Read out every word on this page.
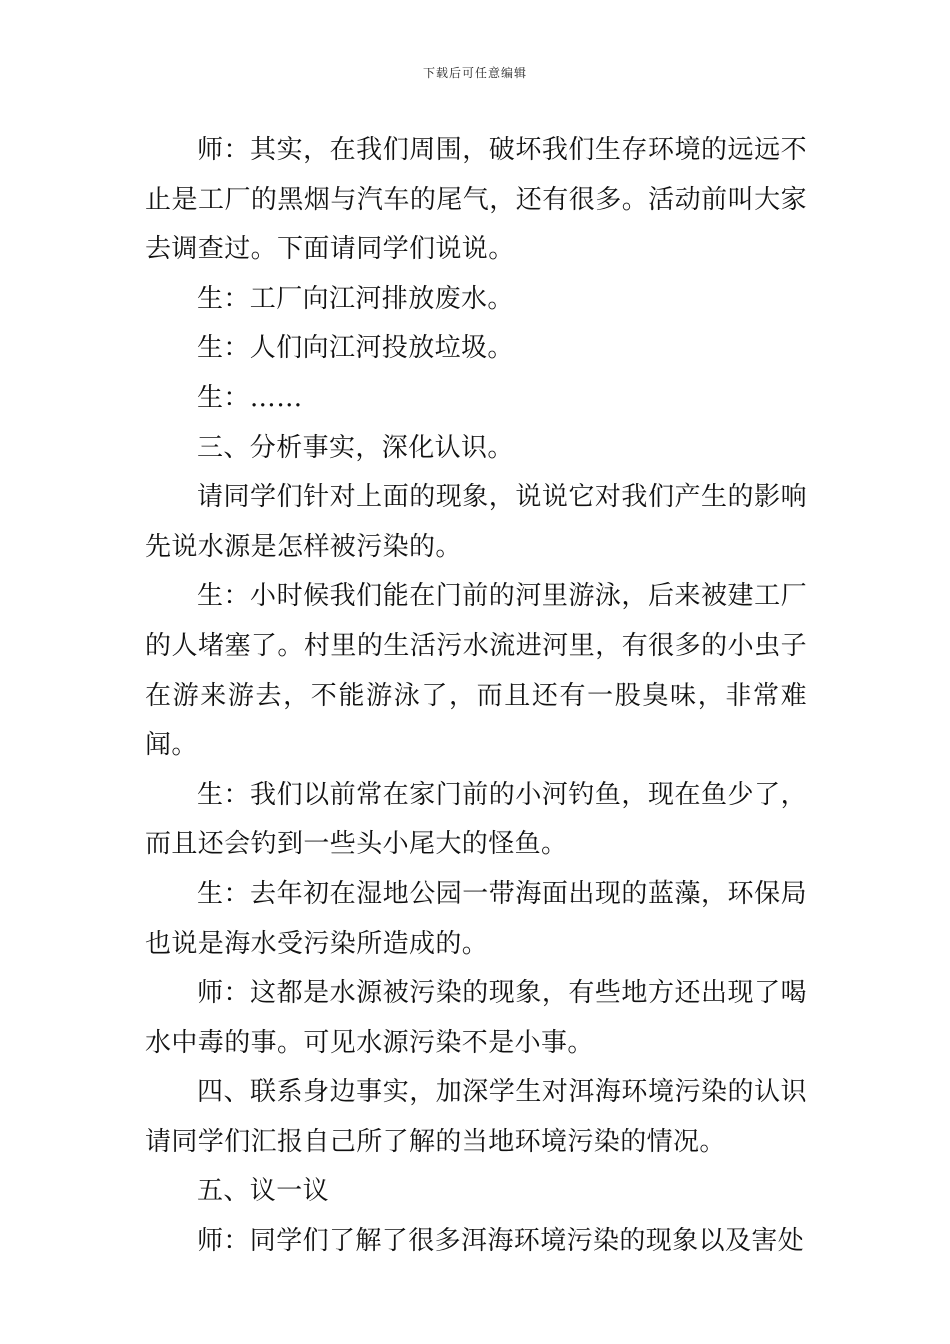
下载后可任意编辑

师：其实，在我们周围，破坏我们生存环境的远远不止是工厂的黑烟与汽车的尾气，还有很多。活动前叫大家去调查过。下面请同学们说说。

生：工厂向江河排放废水。

生：人们向江河投放垃圾。

生：……

三、分析事实，深化认识。

请同学们针对上面的现象，说说它对我们产生的影响先说水源是怎样被污染的。

生：小时候我们能在门前的河里游泳，后来被建工厂的人堵塞了。村里的生活污水流进河里，有很多的小虫子在游来游去，不能游泳了，而且还有一股臭味，非常难闻。

生：我们以前常在家门前的小河钓鱼，现在鱼少了，而且还会钓到一些头小尾大的怪鱼。

生：去年初在湿地公园一带海面出现的蓝藻，环保局也说是海水受污染所造成的。

师：这都是水源被污染的现象，有些地方还出现了喝水中毒的事。可见水源污染不是小事。

四、联系身边事实，加深学生对洱海环境污染的认识请同学们汇报自己所了解的当地环境污染的情况。

五、议一议

师：同学们了解了很多洱海环境污染的现象以及害处
